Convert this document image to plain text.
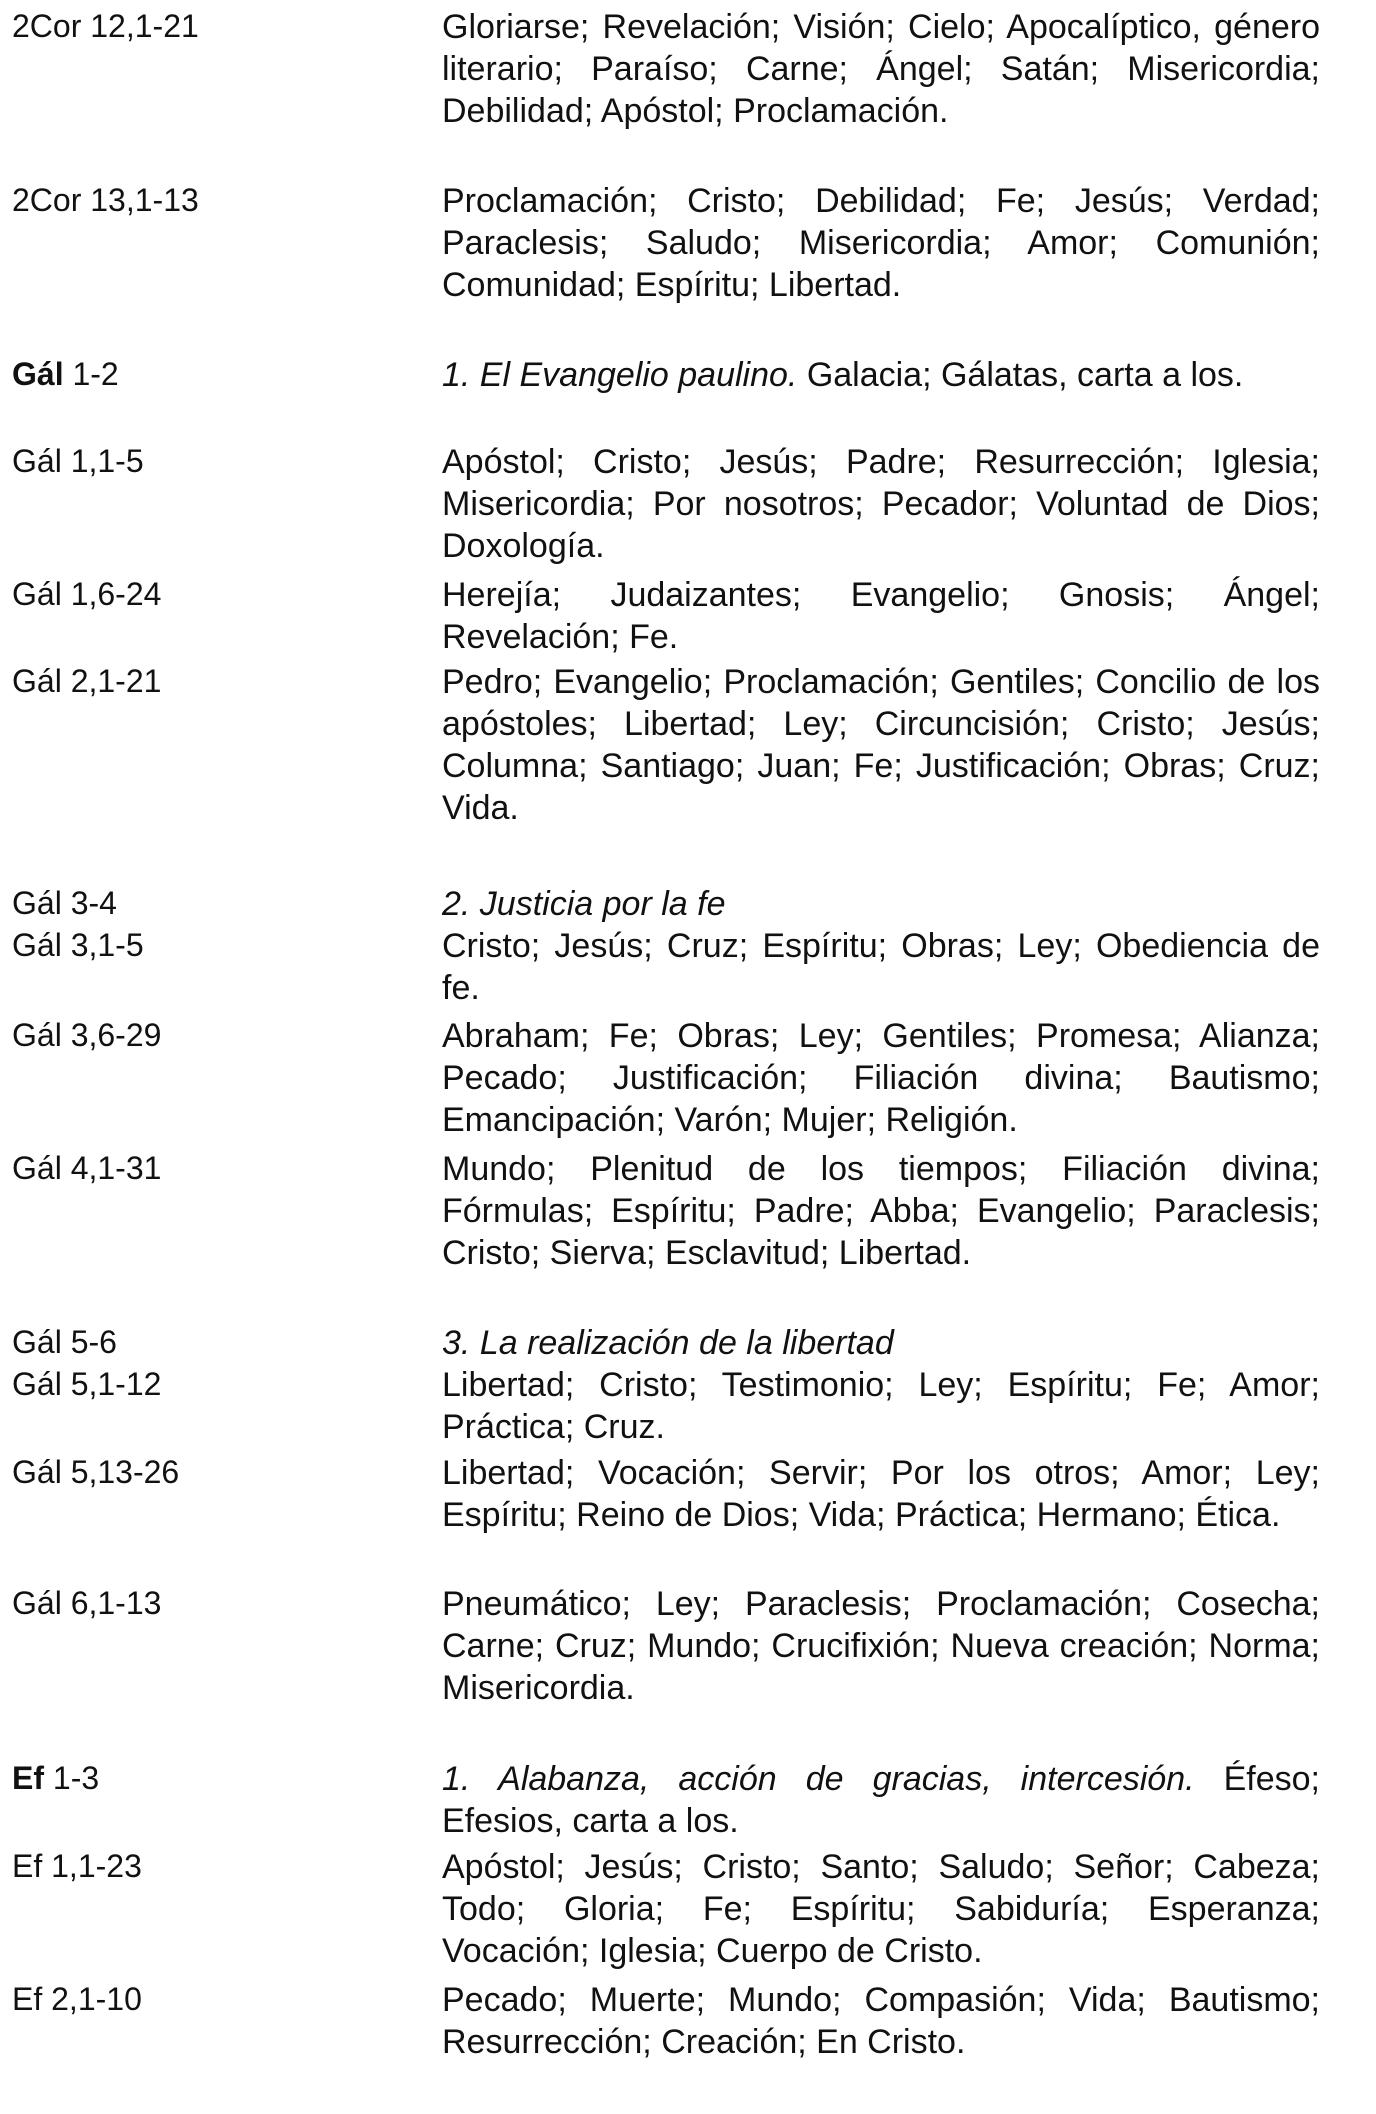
2Cor 12,1-21	Gloriarse; Revelación; Visión; Cielo; Apocalíptico, género literario; Paraíso; Carne; Ángel; Satán; Misericordia; Debilidad; Apóstol; Proclamación.
2Cor 13,1-13	Proclamación; Cristo; Debilidad; Fe; Jesús; Verdad; Paraclesis; Saludo; Misericordia; Amor; Comunión; Comunidad; Espíritu; Libertad.
Gál 1-2	1. El Evangelio paulino. Galacia; Gálatas, carta a los.
Gál 1,1-5	Apóstol; Cristo; Jesús; Padre; Resurrección; Iglesia; Misericordia; Por nosotros; Pecador; Voluntad de Dios; Doxología.
Gál 1,6-24	Herejía; Judaizantes; Evangelio; Gnosis; Ángel; Revelación; Fe.
Gál 2,1-21	Pedro; Evangelio; Proclamación; Gentiles; Concilio de los apóstoles; Libertad; Ley; Circuncisión; Cristo; Jesús; Columna; Santiago; Juan; Fe; Justificación; Obras; Cruz; Vida.
Gál 3-4	2. Justicia por la fe
Gál 3,1-5	Cristo; Jesús; Cruz; Espíritu; Obras; Ley; Obediencia de fe.
Gál 3,6-29	Abraham; Fe; Obras; Ley; Gentiles; Promesa; Alianza; Pecado; Justificación; Filiación divina; Bautismo; Emancipación; Varón; Mujer; Religión.
Gál 4,1-31	Mundo; Plenitud de los tiempos; Filiación divina; Fórmulas; Espíritu; Padre; Abba; Evangelio; Paraclesis; Cristo; Sierva; Esclavitud; Libertad.
Gál 5-6	3. La realización de la libertad
Gál 5,1-12	Libertad; Cristo; Testimonio; Ley; Espíritu; Fe; Amor; Práctica; Cruz.
Gál 5,13-26	Libertad; Vocación; Servir; Por los otros; Amor; Ley; Espíritu; Reino de Dios; Vida; Práctica; Hermano; Ética.
Gál 6,1-13	Pneumático; Ley; Paraclesis; Proclamación; Cosecha; Carne; Cruz; Mundo; Crucifixión; Nueva creación; Norma; Misericordia.
Ef 1-3	1. Alabanza, acción de gracias, intercesión. Éfeso; Efesios, carta a los.
Ef 1,1-23	Apóstol; Jesús; Cristo; Santo; Saludo; Señor; Cabeza; Todo; Gloria; Fe; Espíritu; Sabiduría; Esperanza; Vocación; Iglesia; Cuerpo de Cristo.
Ef 2,1-10	Pecado; Muerte; Mundo; Compasión; Vida; Bautismo; Resurrección; Creación; En Cristo.
